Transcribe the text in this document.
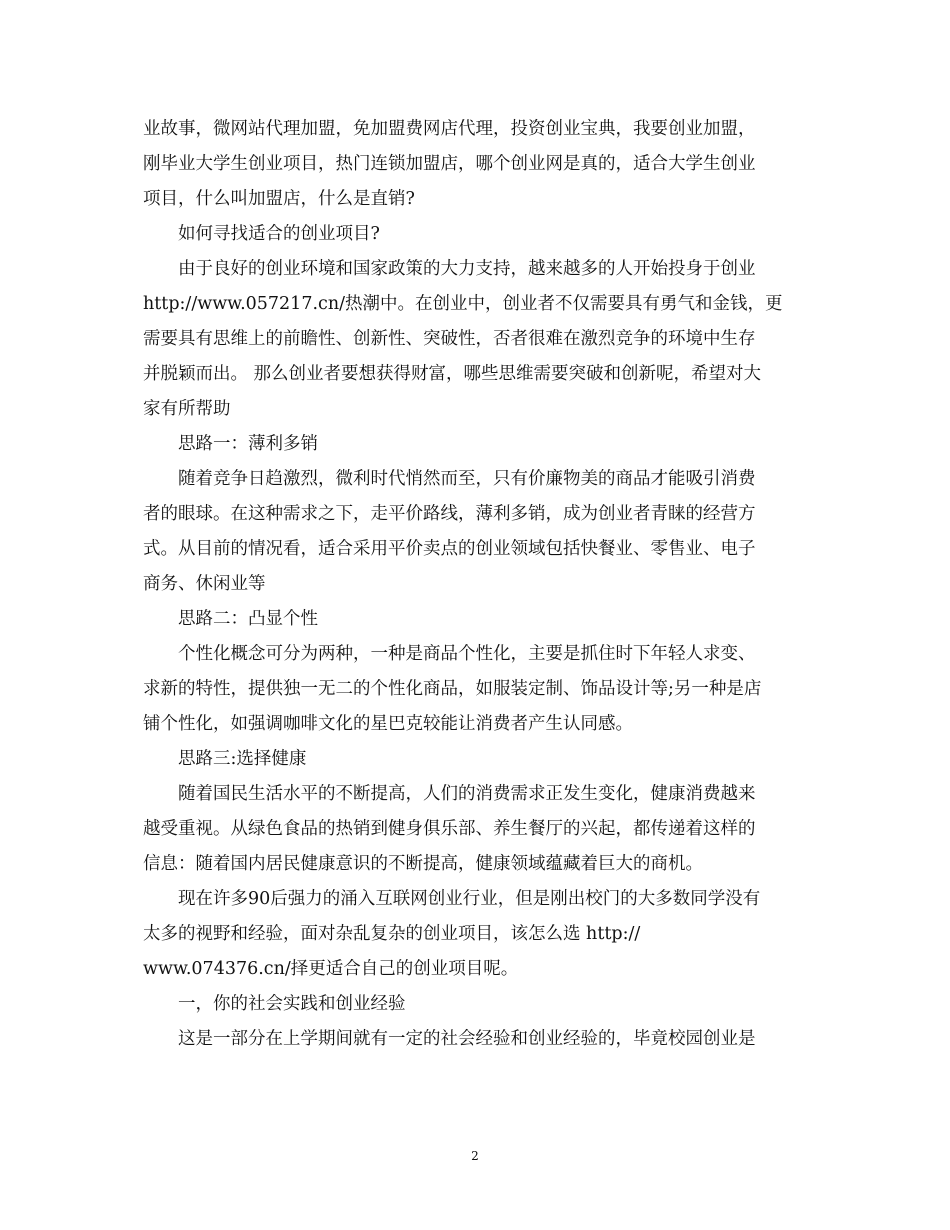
业故事，微网站代理加盟，免加盟费网店代理，投资创业宝典，我要创业加盟，
刚毕业大学生创业项目，热门连锁加盟店，哪个创业网是真的，适合大学生创业
项目，什么叫加盟店，什么是直销?
如何寻找适合的创业项目?
由于良好的创业环境和国家政策的大力支持，越来越多的人开始投身于创业
http://www.057217.cn/热潮中。在创业中，创业者不仅需要具有勇气和金钱，更
需要具有思维上的前瞻性、创新性、突破性，否者很难在激烈竞争的环境中生存
并脱颖而出。 那么创业者要想获得财富，哪些思维需要突破和创新呢，希望对大
家有所帮助
思路一：薄利多销
随着竞争日趋激烈，微利时代悄然而至，只有价廉物美的商品才能吸引消费
者的眼球。在这种需求之下，走平价路线，薄利多销，成为创业者青睐的经营方
式。从目前的情况看，适合采用平价卖点的创业领域包括快餐业、零售业、电子
商务、休闲业等
思路二：凸显个性
个性化概念可分为两种，一种是商品个性化，主要是抓住时下年轻人求变、
求新的特性，提供独一无二的个性化商品，如服装定制、饰品设计等;另一种是店
铺个性化，如强调咖啡文化的星巴克较能让消费者产生认同感。
思路三:选择健康
随着国民生活水平的不断提高，人们的消费需求正发生变化，健康消费越来
越受重视。从绿色食品的热销到健身俱乐部、养生餐厅的兴起，都传递着这样的
信息：随着国内居民健康意识的不断提高，健康领域蕴藏着巨大的商机。
现在许多90后强力的涌入互联网创业行业，但是刚出校门的大多数同学没有
太多的视野和经验，面对杂乱复杂的创业项目，该怎么选 http://
www.074376.cn/择更适合自己的创业项目呢。
一，你的社会实践和创业经验
这是一部分在上学期间就有一定的社会经验和创业经验的，毕竟校园创业是
2
